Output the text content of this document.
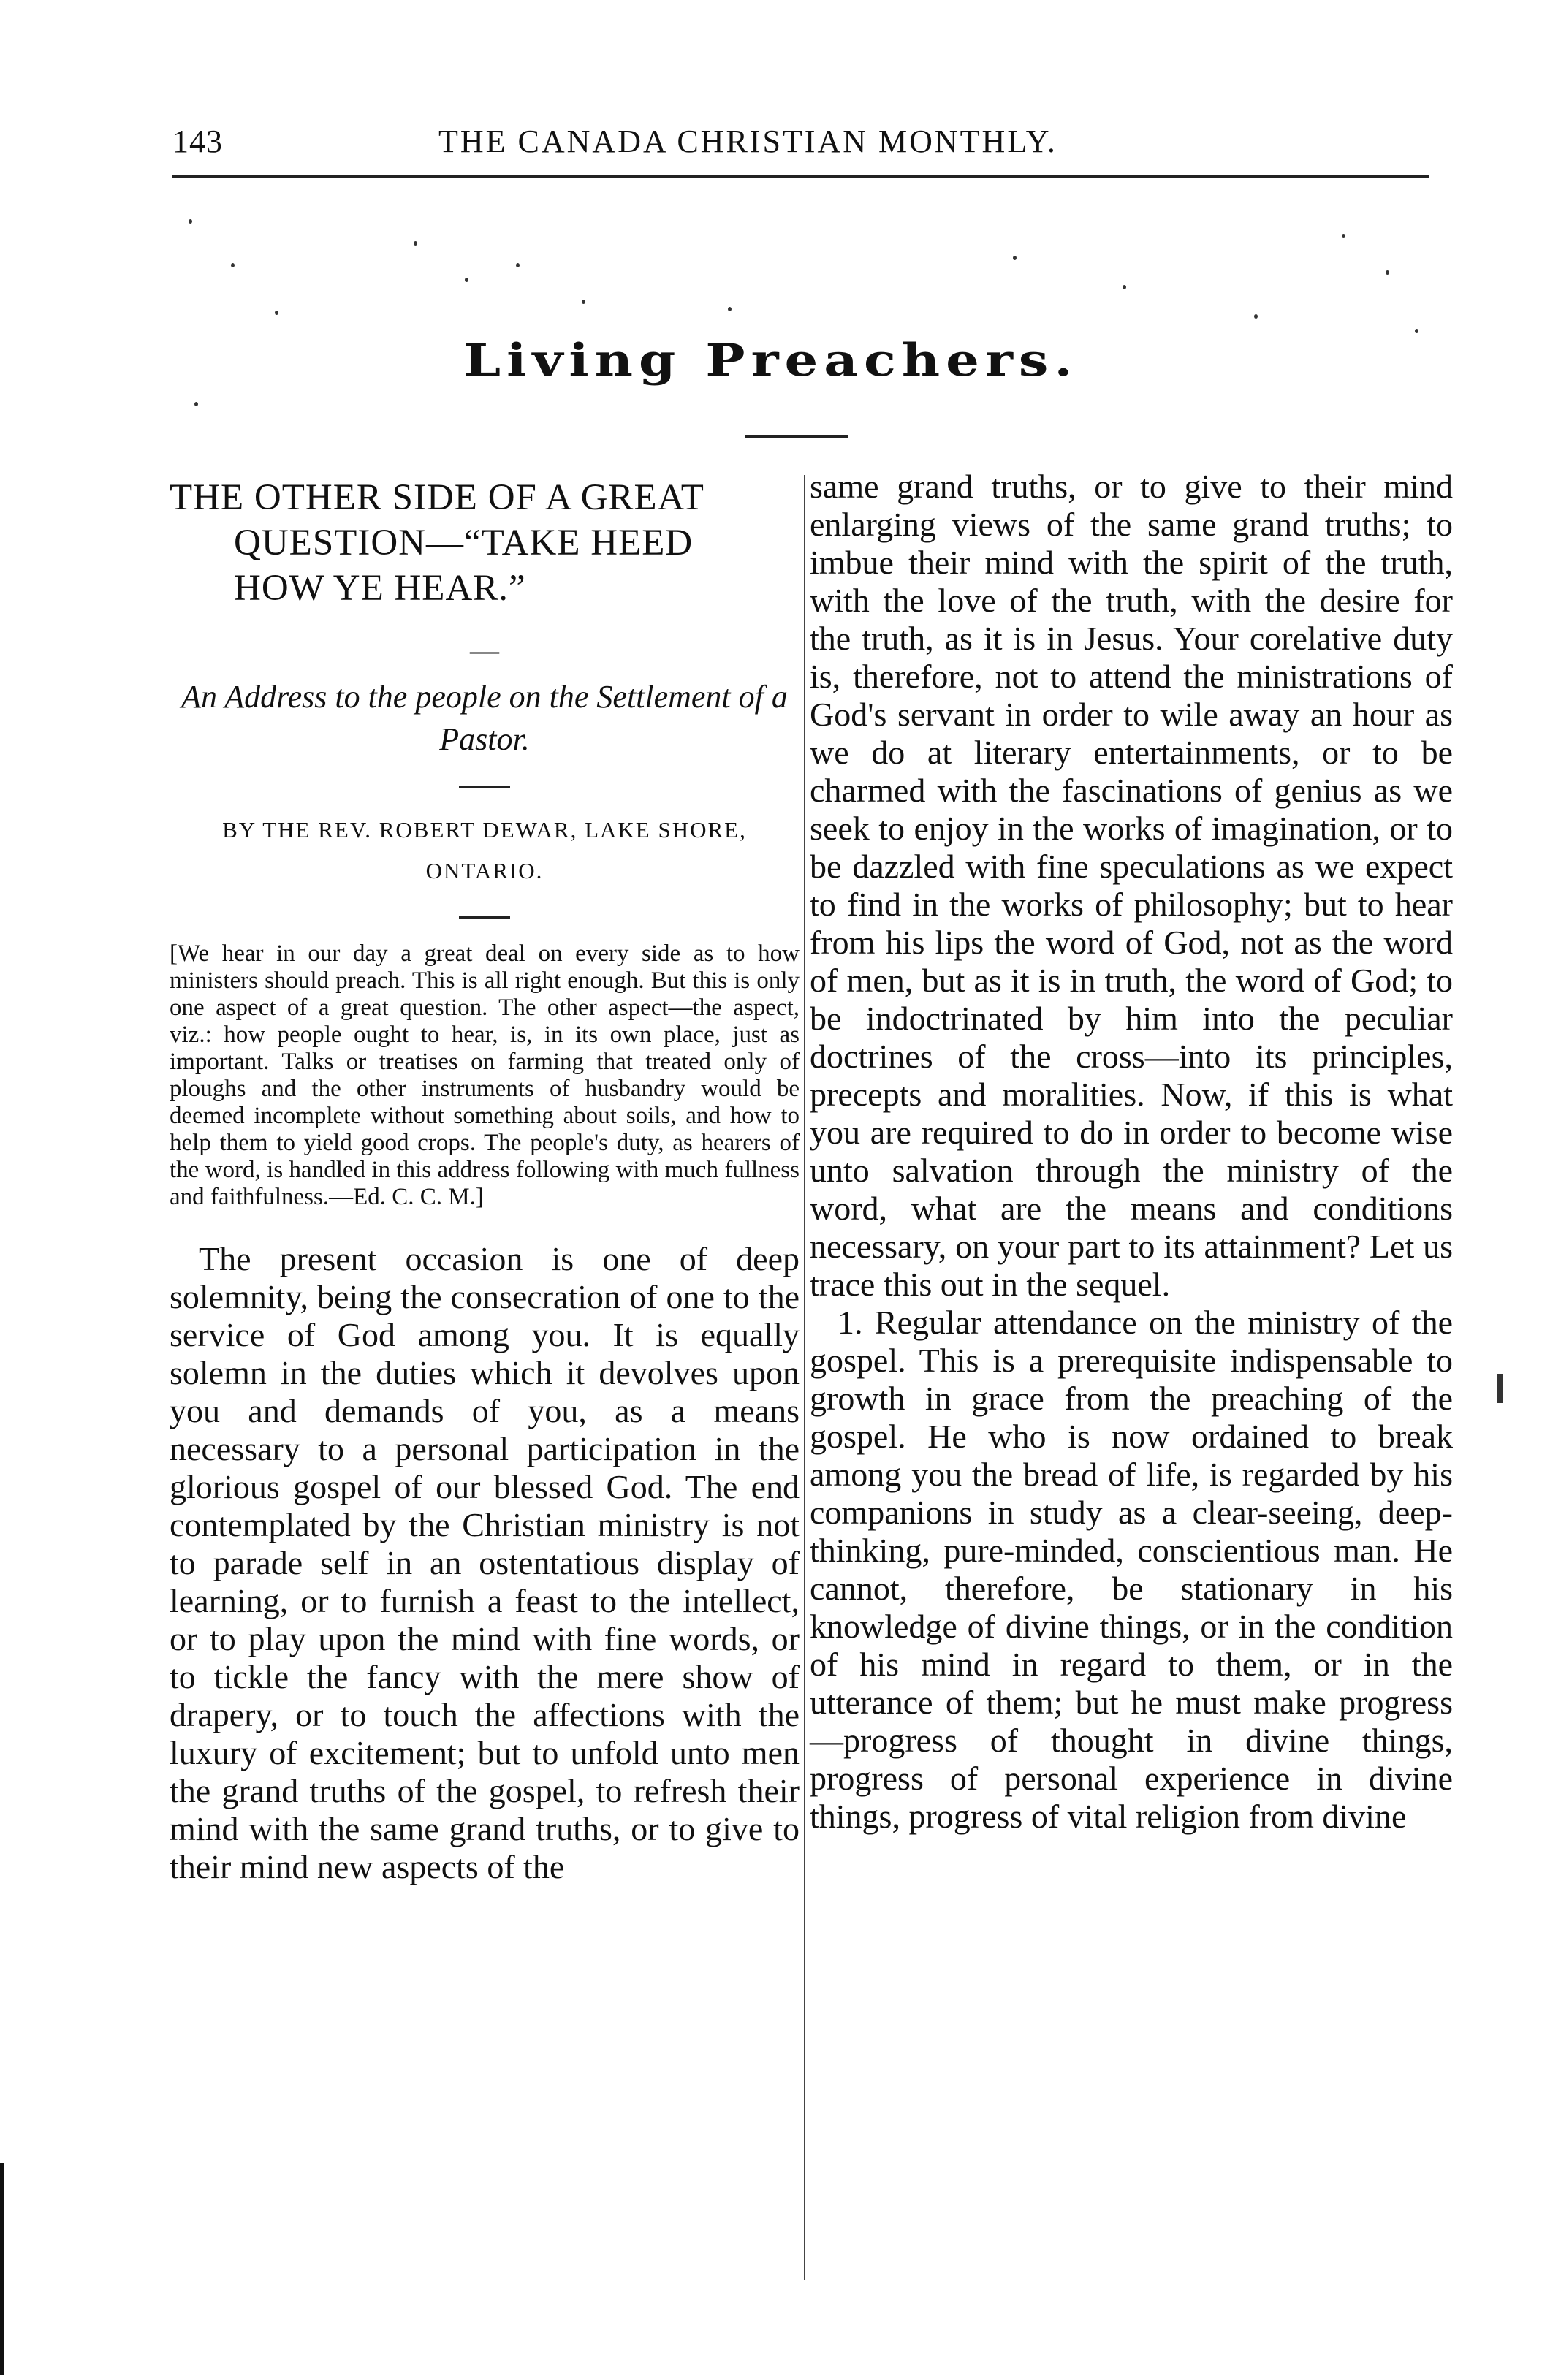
143	THE CANADA CHRISTIAN MONTHLY.
Living Preachers.
THE OTHER SIDE OF A GREAT
QUESTION—“TAKE HEED
HOW YE HEAR.”
—
An Address to the people on the Settlement of a Pastor.
BY THE REV. ROBERT DEWAR, LAKE SHORE, ONTARIO.
[We hear in our day a great deal on every side as to how ministers should preach. This is all right enough. But this is only one aspect of a great question. The other aspect—the aspect, viz.: how people ought to hear, is, in its own place, just as important. Talks or treatises on farming that treated only of ploughs and the other instruments of husbandry would be deemed incomplete without something about soils, and how to help them to yield good crops. The people's duty, as hearers of the word, is handled in this address following with much fullness and faithfulness.—Ed. C. C. M.]
The present occasion is one of deep solemnity, being the consecration of one to the service of God among you. It is equally solemn in the duties which it devolves upon you and demands of you, as a means necessary to a personal participation in the glorious gospel of our blessed God. The end contemplated by the Christian ministry is not to parade self in an ostentatious display of learning, or to furnish a feast to the intellect, or to play upon the mind with fine words, or to tickle the fancy with the mere show of drapery, or to touch the affections with the luxury of excitement; but to unfold unto men the grand truths of the gospel, to refresh their mind with the same grand truths, or to give to their mind new aspects of the

same grand truths, or to give to their mind enlarging views of the same grand truths; to imbue their mind with the spirit of the truth, with the love of the truth, with the desire for the truth, as it is in Jesus. Your corelative duty is, therefore, not to attend the ministrations of God's servant in order to wile away an hour as we do at literary entertainments, or to be charmed with the fascinations of genius as we seek to enjoy in the works of imagination, or to be dazzled with fine speculations as we expect to find in the works of philosophy; but to hear from his lips the word of God, not as the word of men, but as it is in truth, the word of God; to be indoctrinated by him into the peculiar doctrines of the cross—into its principles, precepts and moralities. Now, if this is what you are required to do in order to become wise unto salvation through the ministry of the word, what are the means and conditions necessary, on your part to its attainment? Let us trace this out in the sequel.

1. Regular attendance on the ministry of the gospel. This is a prerequisite indispensable to growth in grace from the preaching of the gospel. He who is now ordained to break among you the bread of life, is regarded by his companions in study as a clear-seeing, deep-thinking, pure-minded, conscientious man. He cannot, therefore, be stationary in his knowledge of divine things, or in the condition of his mind in regard to them, or in the utterance of them; but he must make progress—progress of thought in divine things, progress of personal experience in divine things, progress of vital religion from divine
